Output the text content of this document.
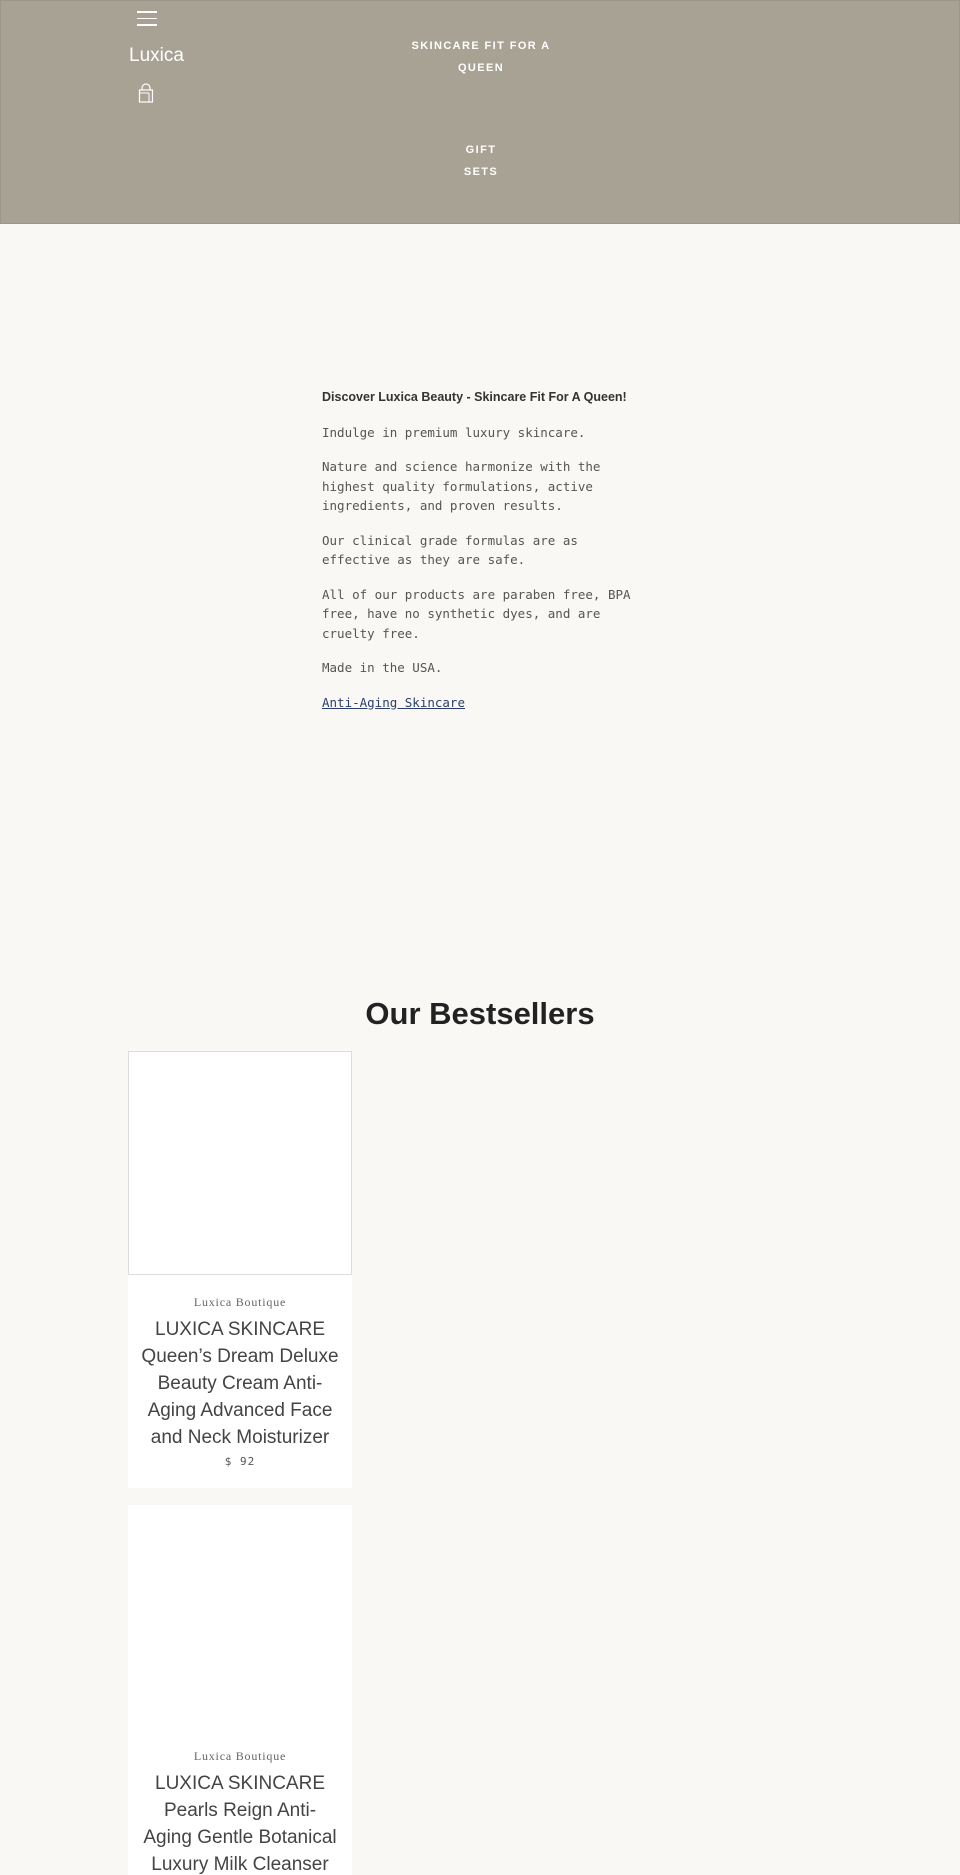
Luxica	SKINCARE FIT FOR A
QUEEN
GIFT
SETS
Discover Luxica Beauty - Skincare Fit For A Queen!

Indulge in premium luxury skincare.

Nature and science harmonize with the highest quality formulations, active ingredients, and proven results.

Our clinical grade formulas are as effective as they are safe.

All of our products are paraben free, BPA free, have no synthetic dyes, and are cruelty free.

Made in the USA.

Anti-Aging Skincare

Our Bestsellers
Luxica Boutique
LUXICA SKINCARE Queen’s Dream Deluxe Beauty Cream Anti-Aging Advanced Face and Neck Moisturizer
$ 92
Luxica Boutique
LUXICA SKINCARE Pearls Reign Anti-Aging Gentle Botanical Luxury Milk Cleanser
